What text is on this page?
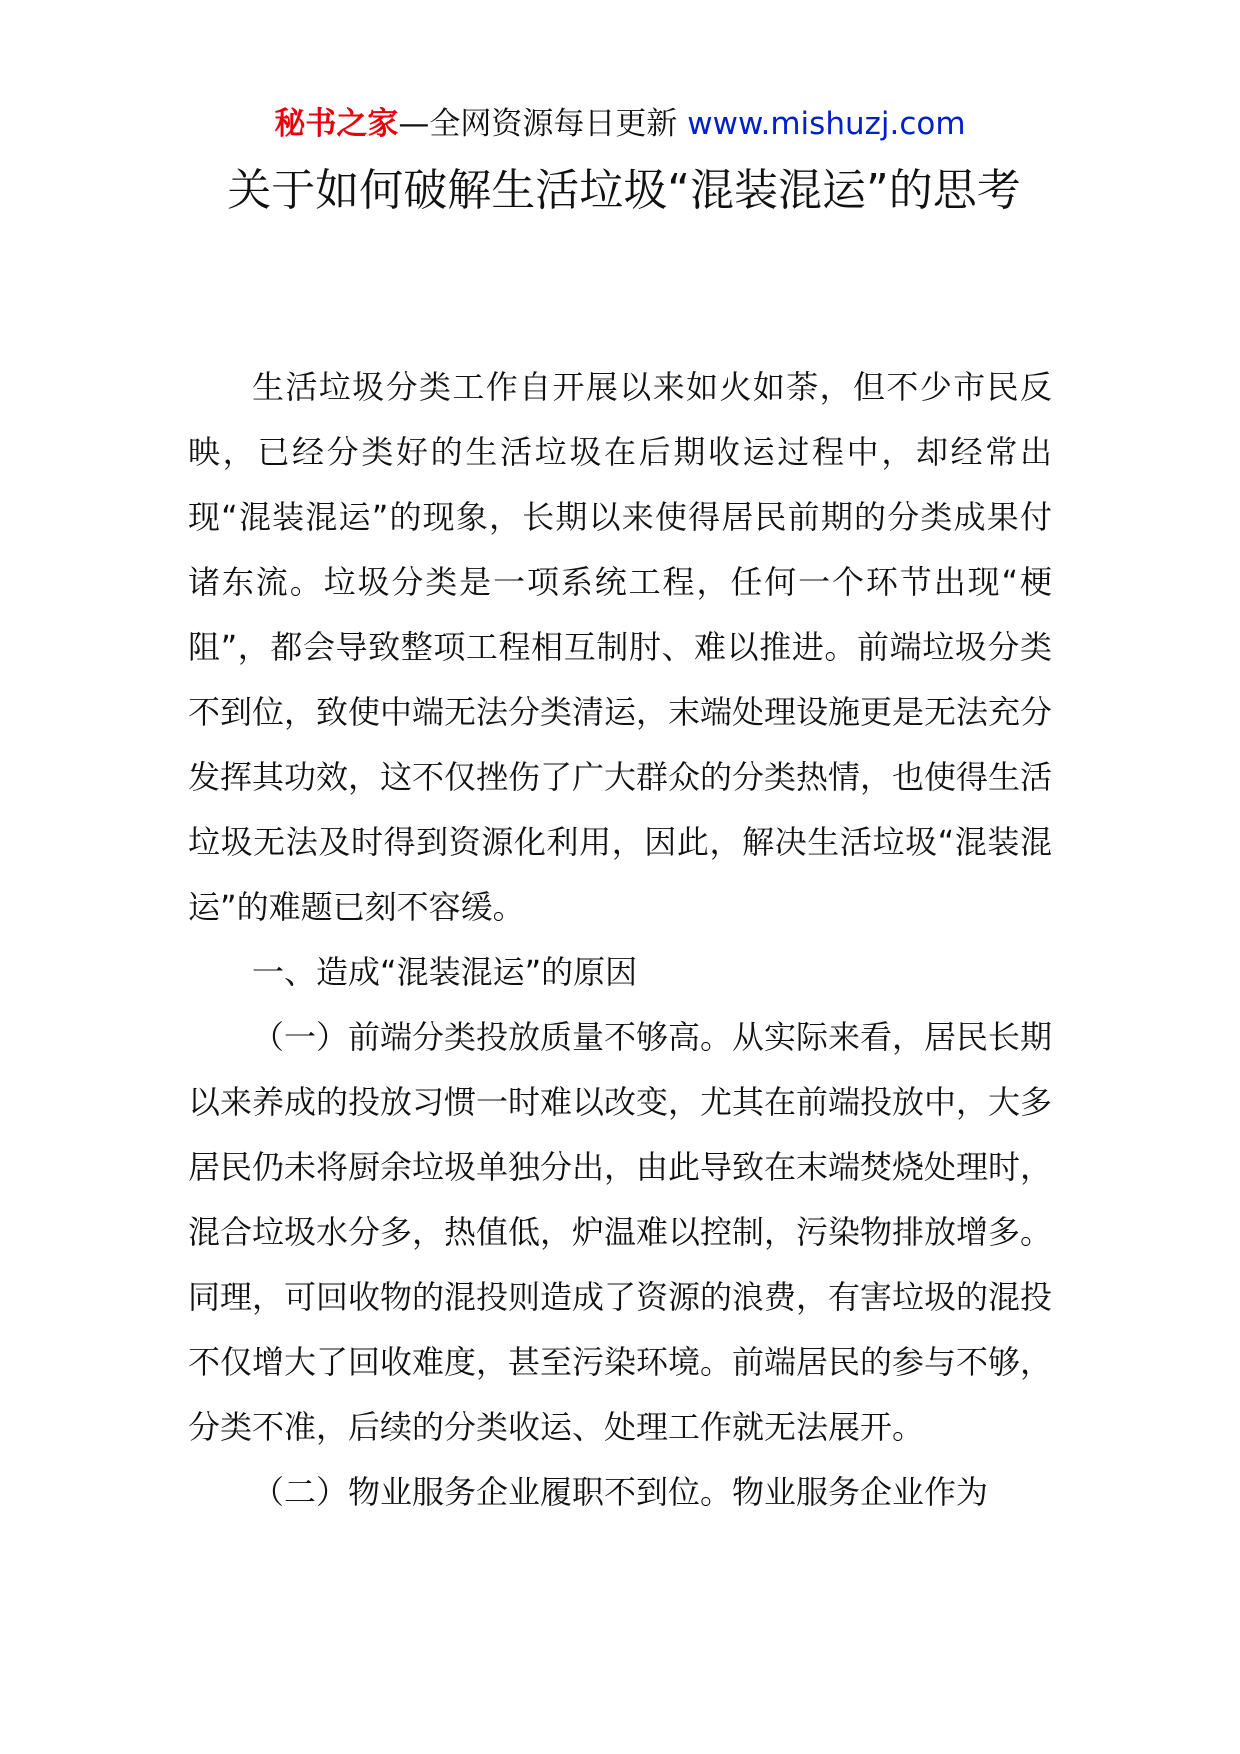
秘书之家—全网资源每日更新 www.mishuzj.com
关于如何破解生活垃圾“混装混运”的思考

生活垃圾分类工作自开展以来如火如荼，但不少市民反映，已经分类好的生活垃圾在后期收运过程中，却经常出现“混装混运”的现象，长期以来使得居民前期的分类成果付诸东流。垃圾分类是一项系统工程，任何一个环节出现“梗阻”，都会导致整项工程相互制肘、难以推进。前端垃圾分类不到位，致使中端无法分类清运，末端处理设施更是无法充分发挥其功效，这不仅挫伤了广大群众的分类热情，也使得生活垃圾无法及时得到资源化利用，因此，解决生活垃圾“混装混运”的难题已刻不容缓。

一、造成“混装混运”的原因

（一）前端分类投放质量不够高。从实际来看，居民长期以来养成的投放习惯一时难以改变，尤其在前端投放中，大多居民仍未将厨余垃圾单独分出，由此导致在末端焚烧处理时，混合垃圾水分多，热值低，炉温难以控制，污染物排放增多。同理，可回收物的混投则造成了资源的浪费，有害垃圾的混投不仅增大了回收难度，甚至污染环境。前端居民的参与不够，分类不准，后续的分类收运、处理工作就无法展开。

（二）物业服务企业履职不到位。物业服务企业作为
